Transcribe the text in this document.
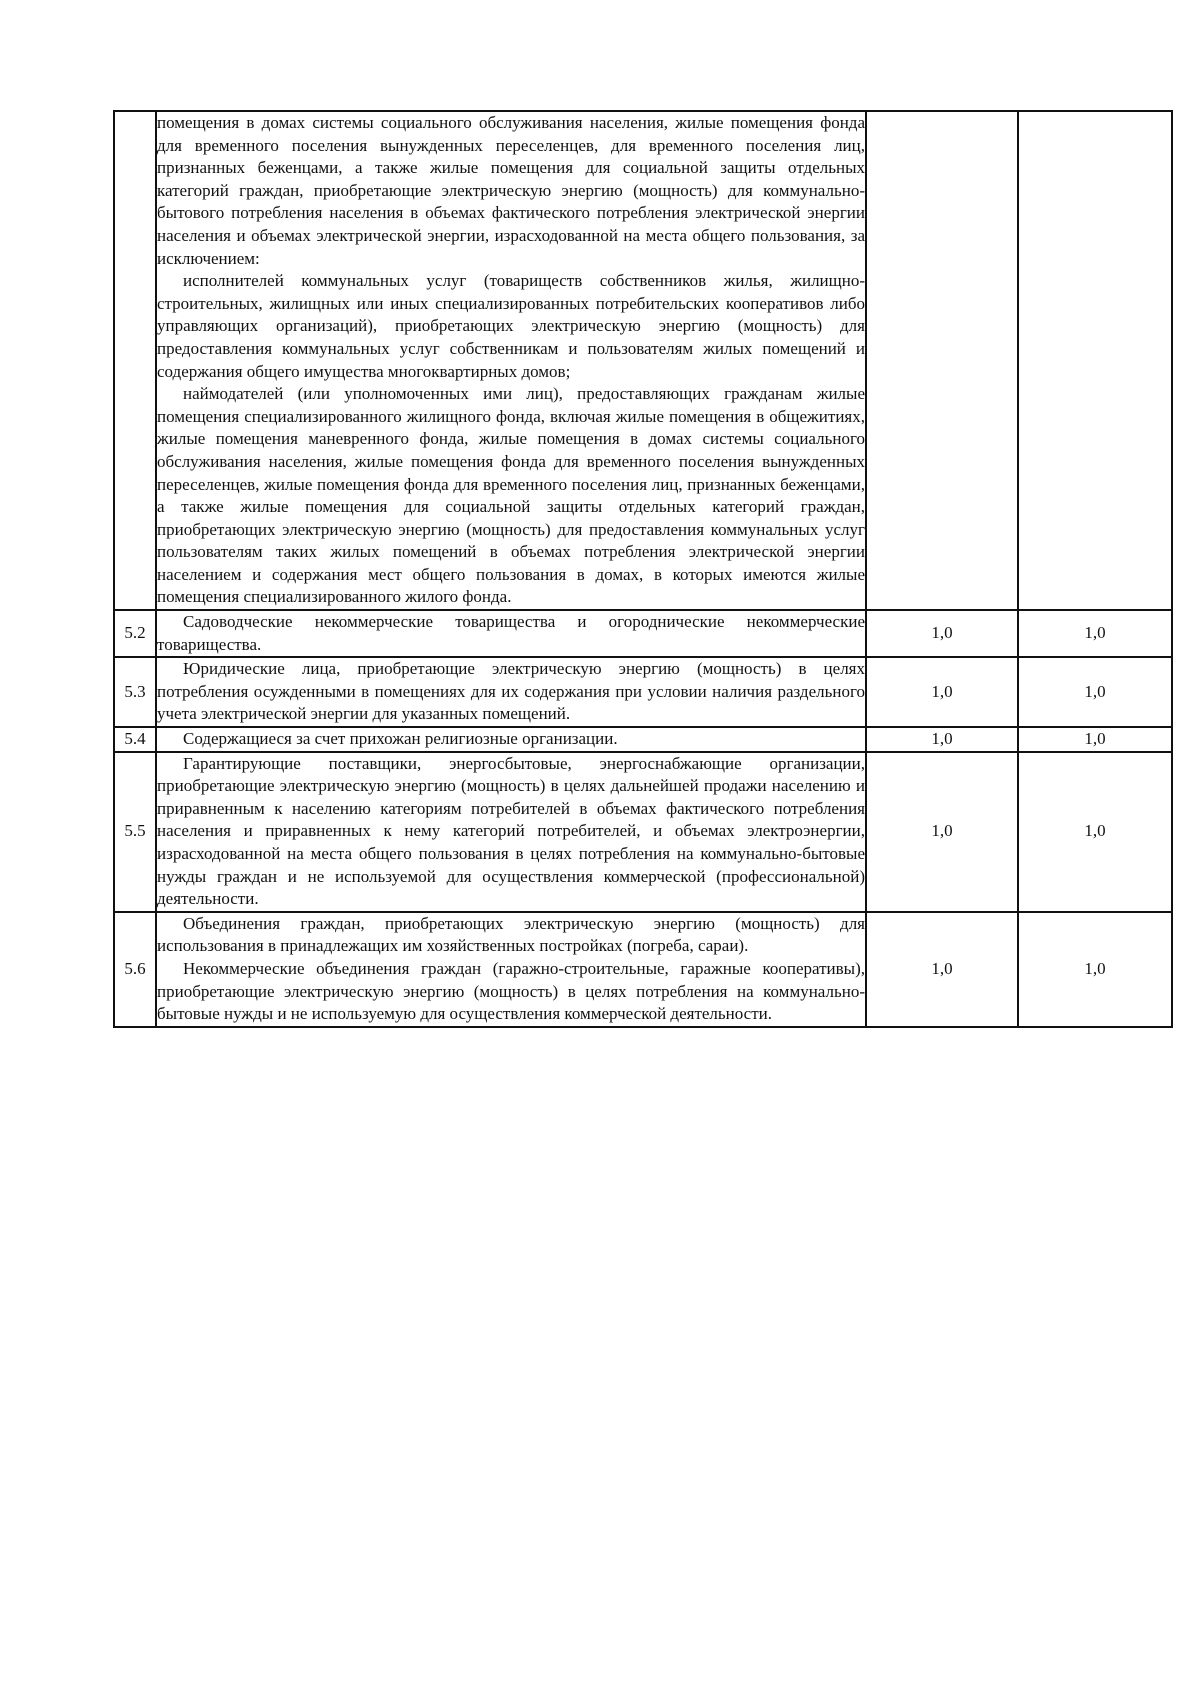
	помещения в домах системы социального обслуживания населения, жилые помещения фонда для временного поселения вынужденных переселенцев, для временного поселения лиц, признанных беженцами, а также жилые помещения для социальной защиты отдельных категорий граждан, приобретающие электрическую энергию (мощность) для коммунально-бытового потребления населения в объемах фактического потребления электрической энергии населения и объемах электрической энергии, израсходованной на места общего пользования, за исключением:

исполнителей коммунальных услуг (товариществ собственников жилья, жилищно-строительных, жилищных или иных специализированных потребительских кооперативов либо управляющих организаций), приобретающих электрическую энергию (мощность) для предоставления коммунальных услуг собственникам и пользователям жилых помещений и содержания общего имущества многоквартирных домов;

наймодателей (или уполномоченных ими лиц), предоставляющих гражданам жилые помещения специализированного жилищного фонда, включая жилые помещения в общежитиях, жилые помещения маневренного фонда, жилые помещения в домах системы социального обслуживания населения, жилые помещения фонда для временного поселения вынужденных переселенцев, жилые помещения фонда для временного поселения лиц, признанных беженцами, а также жилые помещения для социальной защиты отдельных категорий граждан, приобретающих электрическую энергию (мощность) для предоставления коммунальных услуг пользователям таких жилых помещений в объемах потребления электрической энергии населением и содержания мест общего пользования в домах, в которых имеются жилые помещения специализированного жилого фонда.		

5.2	Садоводческие некоммерческие товарищества и огороднические некоммерческие товарищества.	1,0	1,0
5.3	Юридические лица, приобретающие электрическую энергию (мощность) в целях потребления осужденными в помещениях для их содержания при условии наличия раздельного учета электрической энергии для указанных помещений.	1,0	1,0
5.4	Содержащиеся за счет прихожан религиозные организации.	1,0	1,0
5.5	Гарантирующие поставщики, энергосбытовые, энергоснабжающие организации, приобретающие электрическую энергию (мощность) в целях дальнейшей продажи населению и приравненным к населению категориям потребителей в объемах фактического потребления населения и приравненных к нему категорий потребителей, и объемах электроэнергии, израсходованной на места общего пользования в целях потребления на коммунально-бытовые нужды граждан и не используемой для осуществления коммерческой (профессиональной) деятельности.	1,0	1,0
5.6	Объединения граждан, приобретающих электрическую энергию (мощность) для использования в принадлежащих им хозяйственных постройках (погреба, сараи).

Некоммерческие объединения граждан (гаражно-строительные, гаражные кооперативы), приобретающие электрическую энергию (мощность) в целях потребления на коммунально-бытовые нужды и не используемую для осуществления коммерческой деятельности.	1,0	1,0
